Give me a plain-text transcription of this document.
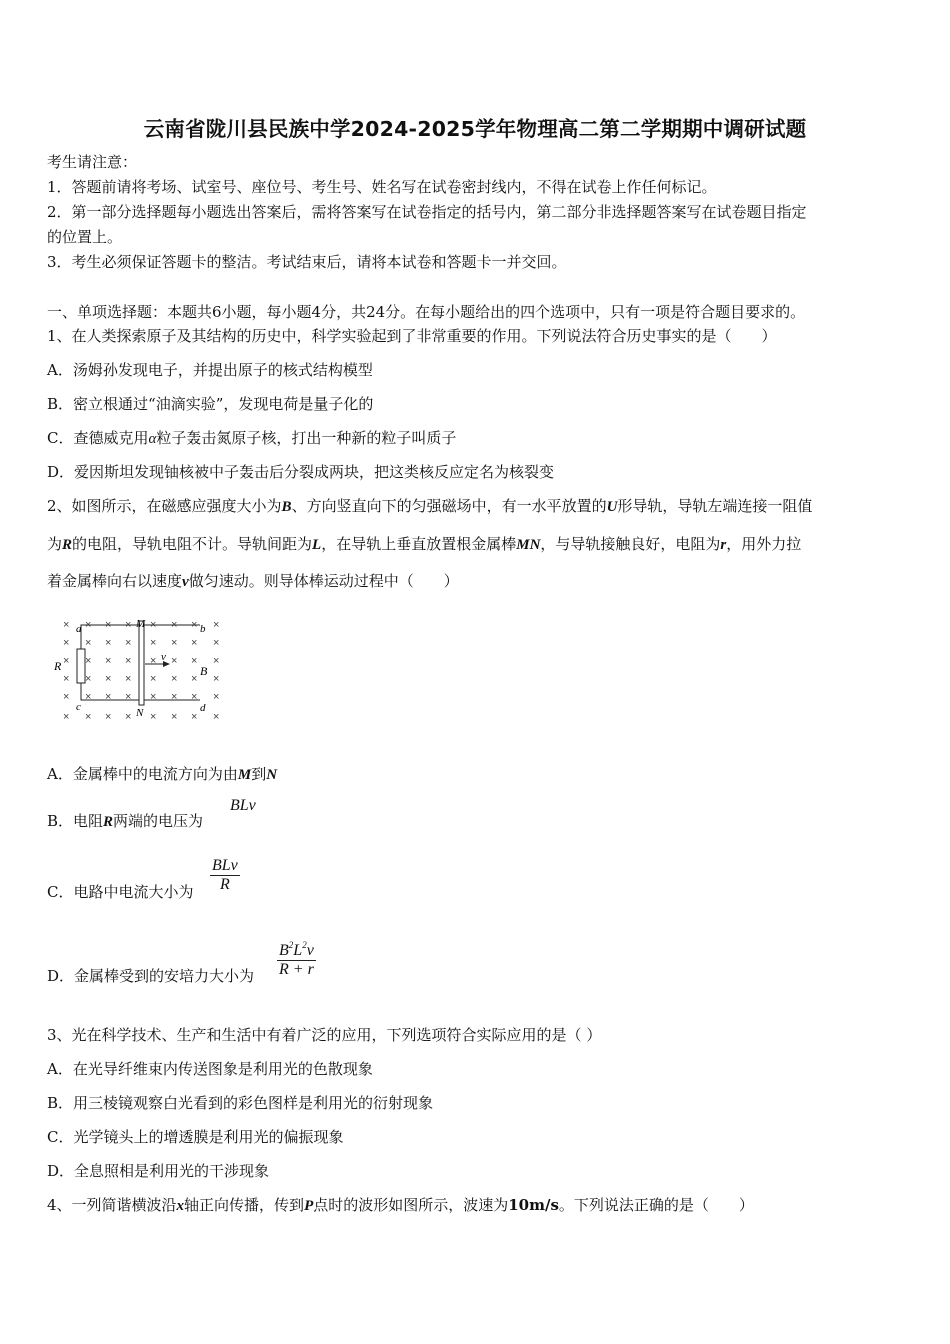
云南省陇川县民族中学2024-2025学年物理高二第二学期期中调研试题
考生请注意：
1．答题前请将考场、试室号、座位号、考生号、姓名写在试卷密封线内，不得在试卷上作任何标记。
2．第一部分选择题每小题选出答案后，需将答案写在试卷指定的括号内，第二部分非选择题答案写在试卷题目指定
的位置上。
3．考生必须保证答题卡的整洁。考试结束后，请将本试卷和答题卡一并交回。
一、单项选择题：本题共6小题，每小题4分，共24分。在每小题给出的四个选项中，只有一项是符合题目要求的。
1、在人类探索原子及其结构的历史中，科学实验起到了非常重要的作用。下列说法符合历史事实的是（　　）
A．汤姆孙发现电子，并提出原子的核式结构模型
B．密立根通过“油滴实验”，发现电荷是量子化的
C．查德威克用α粒子轰击氮原子核，打出一种新的粒子叫质子
D．爱因斯坦发现铀核被中子轰击后分裂成两块，把这类核反应定名为核裂变
2、如图所示，在磁感应强度大小为B、方向竖直向下的匀强磁场中，有一水平放置的U形导轨，导轨左端连接一阻值
为R的电阻，导轨电阻不计。导轨间距为L，在导轨上垂直放置根金属棒MN，与导轨接触良好，电阻为r，用外力拉
着金属棒向右以速度v做匀速动。则导体棒运动过程中（　　）
× × × × × × × ×
× × × × × × × ×
× × × × × × × ×
× × × × × × × ×
× × × × × × × ×
× × × × × × × ×
a	b
c	d
M
N
R	B
v
A．金属棒中的电流方向为由M到N
B．电阻R两端的电压为
BLv
C．电路中电流大小为
BLv
R
D．金属棒受到的安培力大小为
$B^2L^2v$
R + r
3、光在科学技术、生产和生活中有着广泛的应用，下列选项符合实际应用的是（ ）
A．在光导纤维束内传送图象是利用光的色散现象
B．用三棱镜观察白光看到的彩色图样是利用光的衍射现象
C．光学镜头上的增透膜是利用光的偏振现象
D．全息照相是利用光的干涉现象
4、一列简谐横波沿x轴正向传播，传到P点时的波形如图所示，波速为10m/s。下列说法正确的是（　　）
